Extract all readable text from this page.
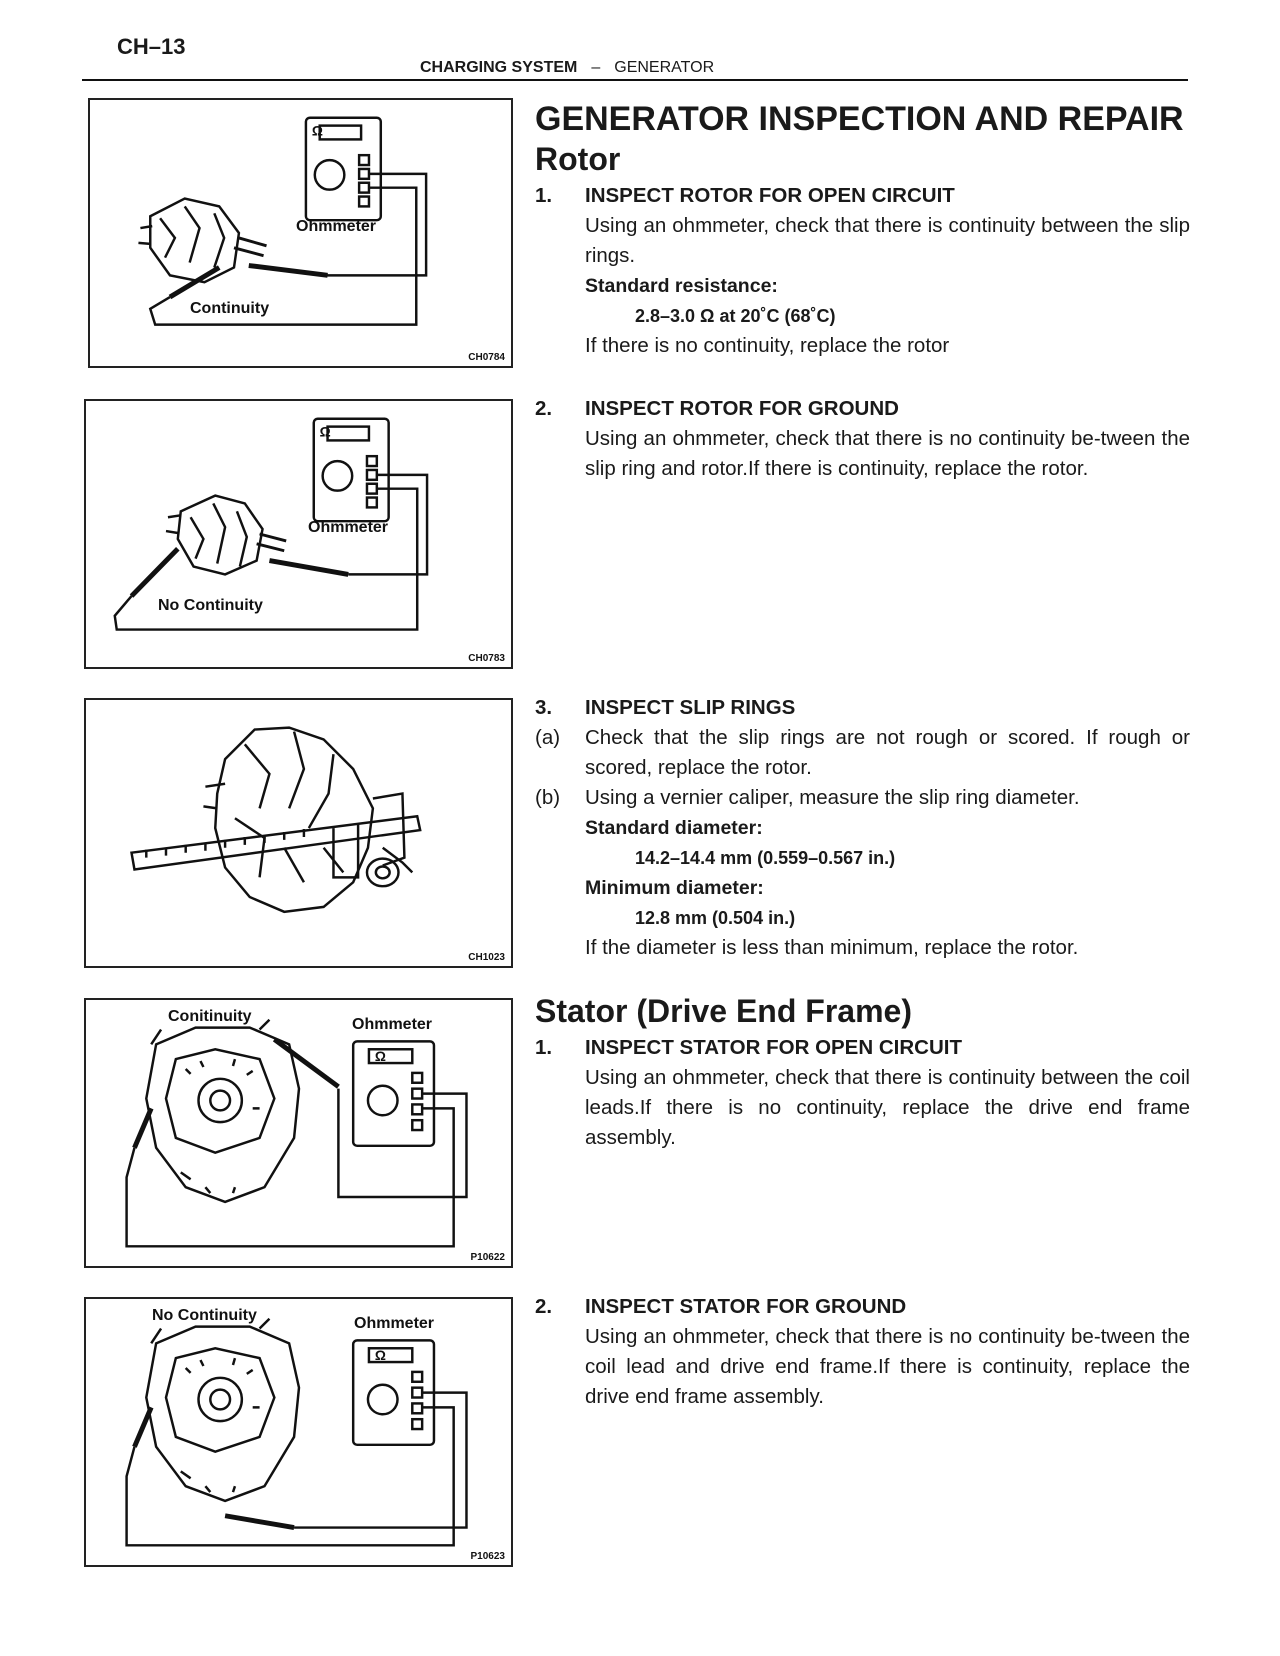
CH–13
CHARGING SYSTEM – GENERATOR
Ω
Ohmmeter
Continuity
CH0784
Ω
Ohmmeter
No Continuity
CH0783
CH1023
Ω
Conitinuity	Ohmmeter
P10622
Ω
No Continuity	Ohmmeter
P10623
GENERATOR INSPECTION AND REPAIR
Rotor
1. INSPECT ROTOR FOR OPEN CIRCUIT
Using an ohmmeter, check that there is continuity between the slip rings.
Standard resistance:
2.8–3.0 Ω at 20˚C (68˚C)
If there is no continuity, replace the rotor
2. INSPECT ROTOR FOR GROUND
Using an ohmmeter, check that there is no continuity be-tween the slip ring and rotor.If there is continuity, replace the rotor.
3. INSPECT SLIP RINGS
(a) Check that the slip rings are not rough or scored. If rough or scored, replace the rotor.
(b) Using a vernier caliper, measure the slip ring diameter.
Standard diameter:
14.2–14.4 mm (0.559–0.567 in.)
Minimum diameter:
12.8 mm (0.504 in.)
If the diameter is less than minimum, replace the rotor.
Stator (Drive End Frame)
1. INSPECT STATOR FOR OPEN CIRCUIT
Using an ohmmeter, check that there is continuity between the coil leads.If there is no continuity, replace the drive end frame assembly.
2. INSPECT STATOR FOR GROUND
Using an ohmmeter, check that there is no continuity be-tween the coil lead and drive end frame.If there is continuity, replace the drive end frame assembly.
